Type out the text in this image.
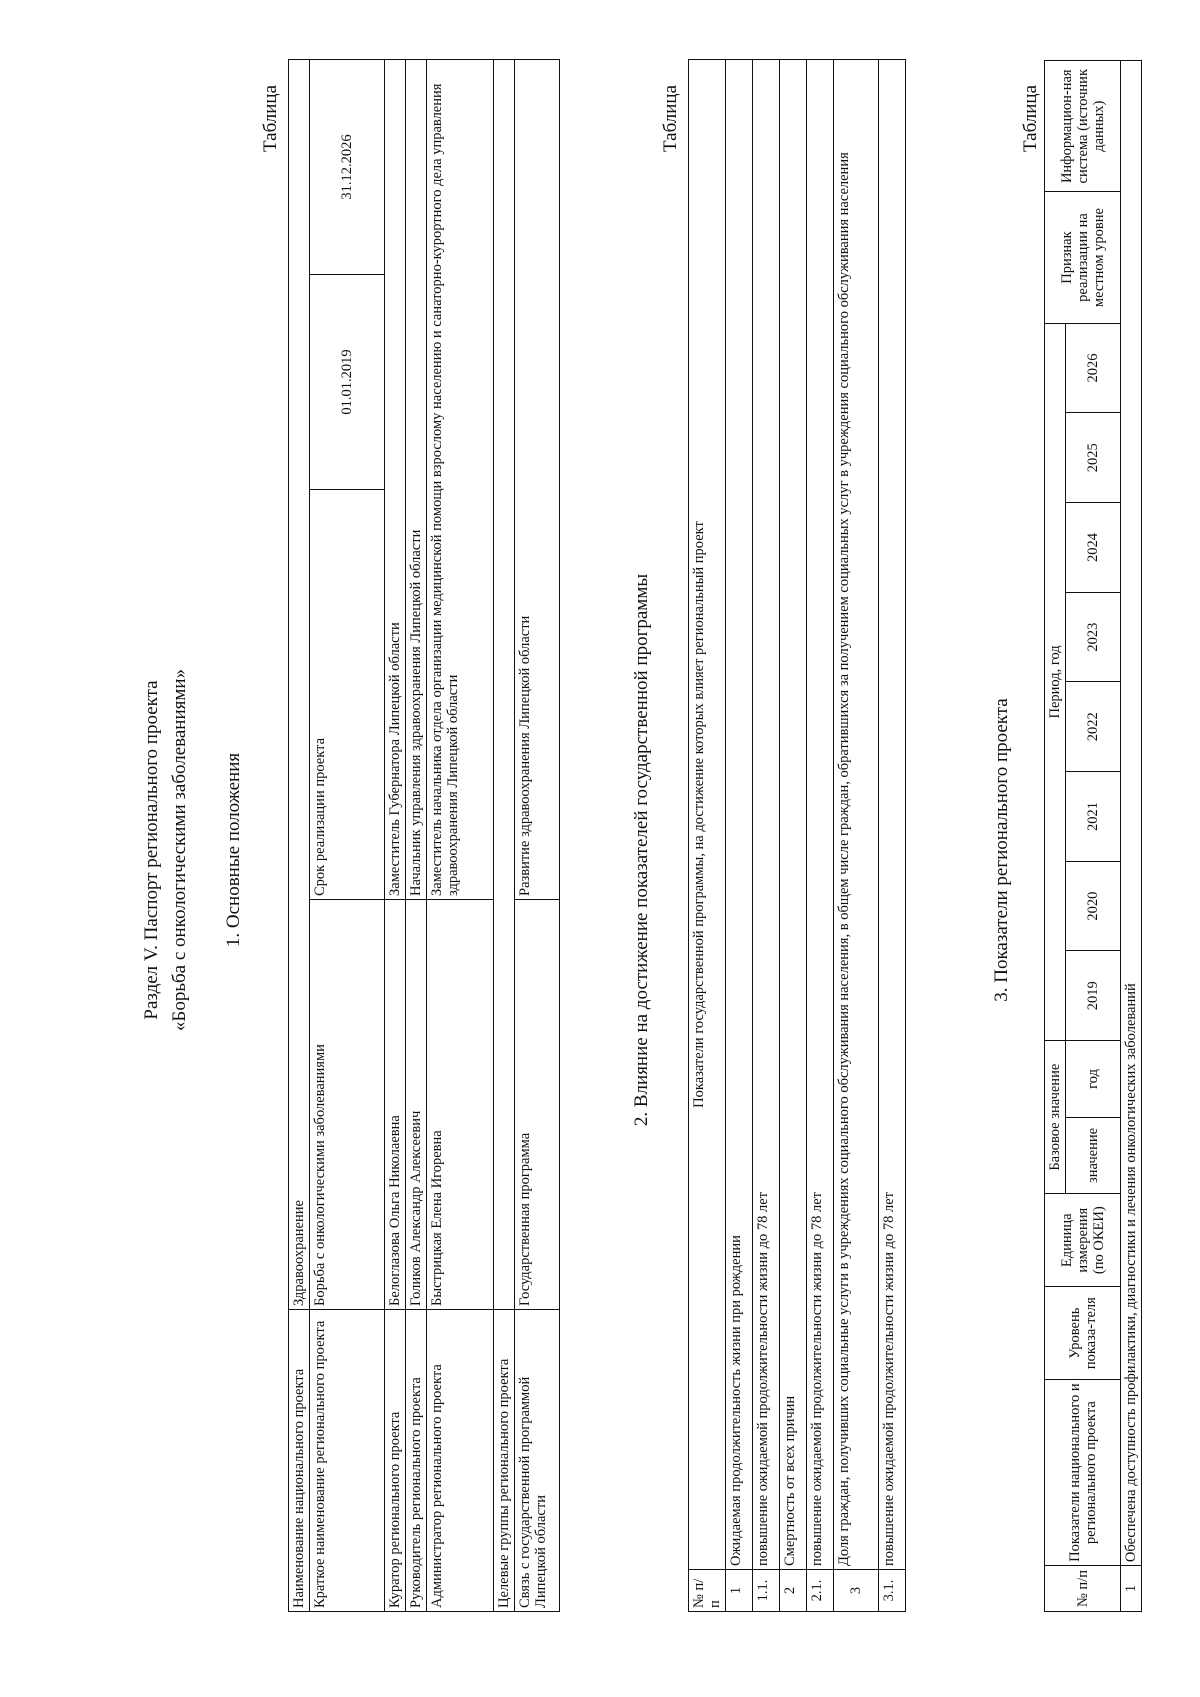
Раздел V. Паспорт регионального проекта «Борьба с онкологическими заболеваниями» 1. Основные положения
Таблица
Наименование национального проекта	Здравоохранение			
Краткое наименование регионального проекта	Борьба с онкологическими заболеваниями	Срок реализации проекта	01.01.2019	31.12.2026
Куратор регионального проекта	Белоглазова Ольга Николаевна	Заместитель Губернатора Липецкой области		
Руководитель регионального проекта	Голиков Александр Алексеевич	Начальник управления здравоохранения Липецкой области		
Администратор регионального проекта	Быстрицкая Елена Игоревна	Заместитель начальника отдела организации медицинской помощи взрослому населению и санаторно-курортного дела управления здравоохранения Липецкой области		
Целевые группы регионального проекта				
Связь с государственной программой Липецкой области	Государственная программа	Развитие здравоохранения Липецкой области			2. Влияние на достижение показателей государственной программы
Таблица
№ п/п	Показатели государственной программы, на достижение которых влияет региональный проект
1	Ожидаемая продолжительность жизни при рождении
1.1.	повышение ожидаемой продолжительности жизни до 78 лет
2	Смертность от всех причин
2.1.	повышение ожидаемой продолжительности жизни до 78 лет
3	Доля граждан, получивших социальные услуги в учреждениях социального обслуживания населения, в общем числе граждан, обратившихся за получением социальных услуг в учреждения социального обслуживания населения
3.1.	повышение ожидаемой продолжительности жизни до 78 лет
3. Показатели регионального проекта
Таблица
№ п/п	Показатели национального и регионального проекта	Уровень показа-теля	Единица измерения (по ОКЕИ)	Базовое значение		Период, год								Признак реализации на местном уровне	Информацион-ная система (источник данных)
				значение	год	2019	2020	2021	2022	2023	2024	2025	2026		
1	Обеспечена доступность профилактики, диагностики и лечения онкологических заболеваний														
